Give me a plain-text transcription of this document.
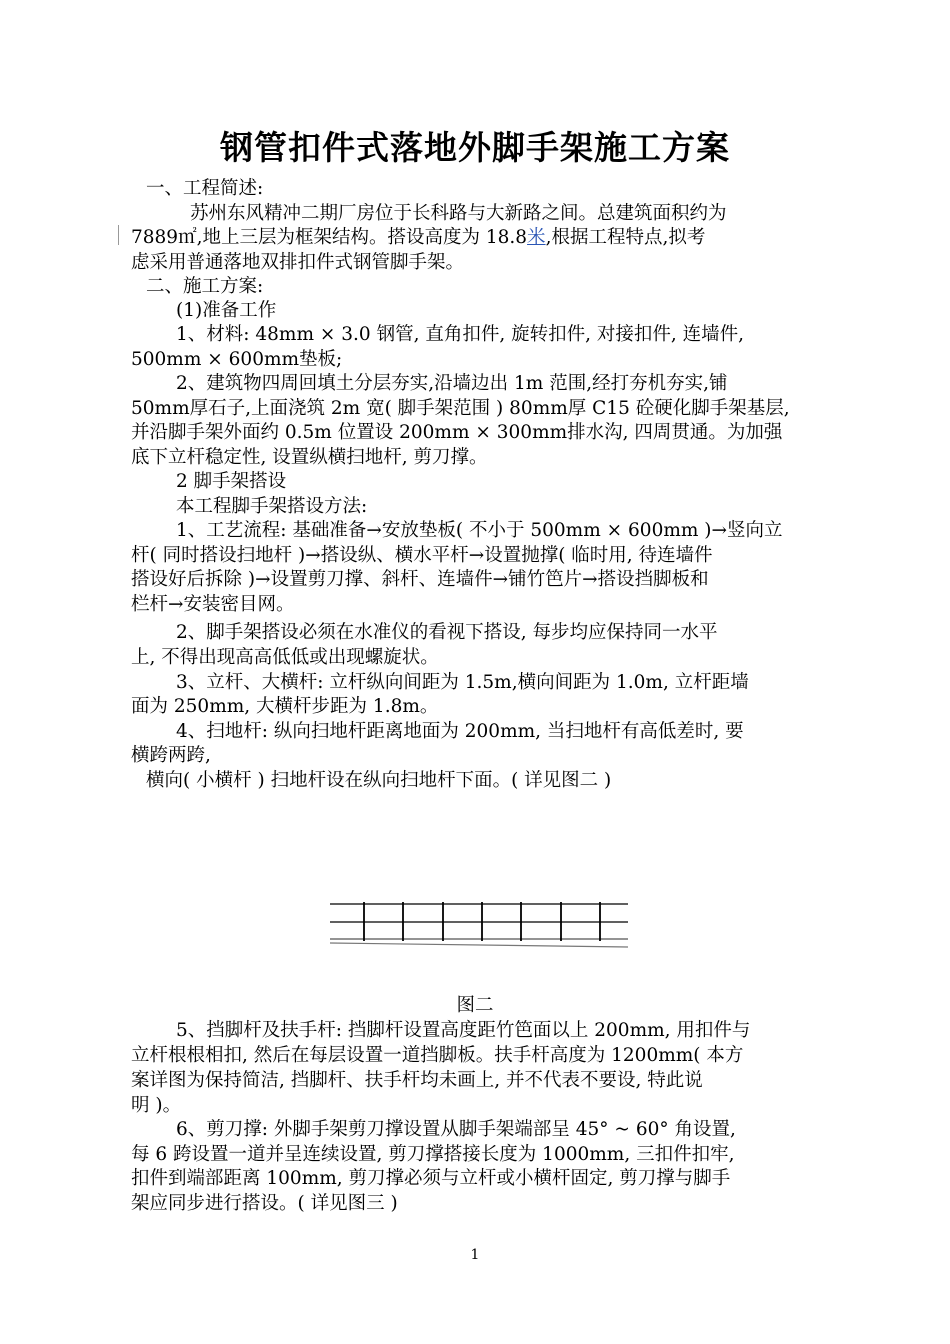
钢管扣件式落地外脚手架施工方案
一、工程简述:
苏州东风精冲二期厂房位于长科路与大新路之间。总建筑面积约为
7889㎡,地上三层为框架结构。搭设高度为 18.8米,根据工程特点,拟考
虑采用普通落地双排扣件式钢管脚手架。
二、施工方案:
(1)准备工作
1、材料: 48mm × 3.0 钢管, 直角扣件, 旋转扣件, 对接扣件, 连墙件,
500mm × 600mm垫板;
2、建筑物四周回填土分层夯实,沿墙边出 1m 范围,经打夯机夯实,铺
50mm厚石子,上面浇筑 2m 宽( 脚手架范围 ) 80mm厚 C15 砼硬化脚手架基层,
并沿脚手架外面约 0.5m 位置设 200mm × 300mm排水沟, 四周贯通。为加强
底下立杆稳定性, 设置纵横扫地杆, 剪刀撑。
2 脚手架搭设
本工程脚手架搭设方法:
1、工艺流程: 基础准备→安放垫板( 不小于 500mm × 600mm )→竖向立
杆( 同时搭设扫地杆 )→搭设纵、横水平杆→设置抛撑( 临时用, 待连墙件
搭设好后拆除 )→设置剪刀撑、斜杆、连墙件→铺竹笆片→搭设挡脚板和
栏杆→安装密目网。
2、脚手架搭设必须在水准仪的看视下搭设, 每步均应保持同一水平
上, 不得出现高高低低或出现螺旋状。
3、立杆、大横杆: 立杆纵向间距为 1.5m,横向间距为 1.0m, 立杆距墙
面为 250mm, 大横杆步距为 1.8m。
4、扫地杆: 纵向扫地杆距离地面为 200mm, 当扫地杆有高低差时, 要
横跨两跨,
横向( 小横杆 ) 扫地杆设在纵向扫地杆下面。( 详见图二 )
图二
5、挡脚杆及扶手杆: 挡脚杆设置高度距竹笆面以上 200mm, 用扣件与
立杆根根相扣, 然后在每层设置一道挡脚板。扶手杆高度为 1200mm( 本方
案详图为保持简洁, 挡脚杆、扶手杆均未画上, 并不代表不要设, 特此说
明 )。
6、剪刀撑: 外脚手架剪刀撑设置从脚手架端部呈 45° ~ 60° 角设置,
每 6 跨设置一道并呈连续设置, 剪刀撑搭接长度为 1000mm, 三扣件扣牢,
扣件到端部距离 100mm, 剪刀撑必须与立杆或小横杆固定, 剪刀撑与脚手
架应同步进行搭设。( 详见图三 )
1
